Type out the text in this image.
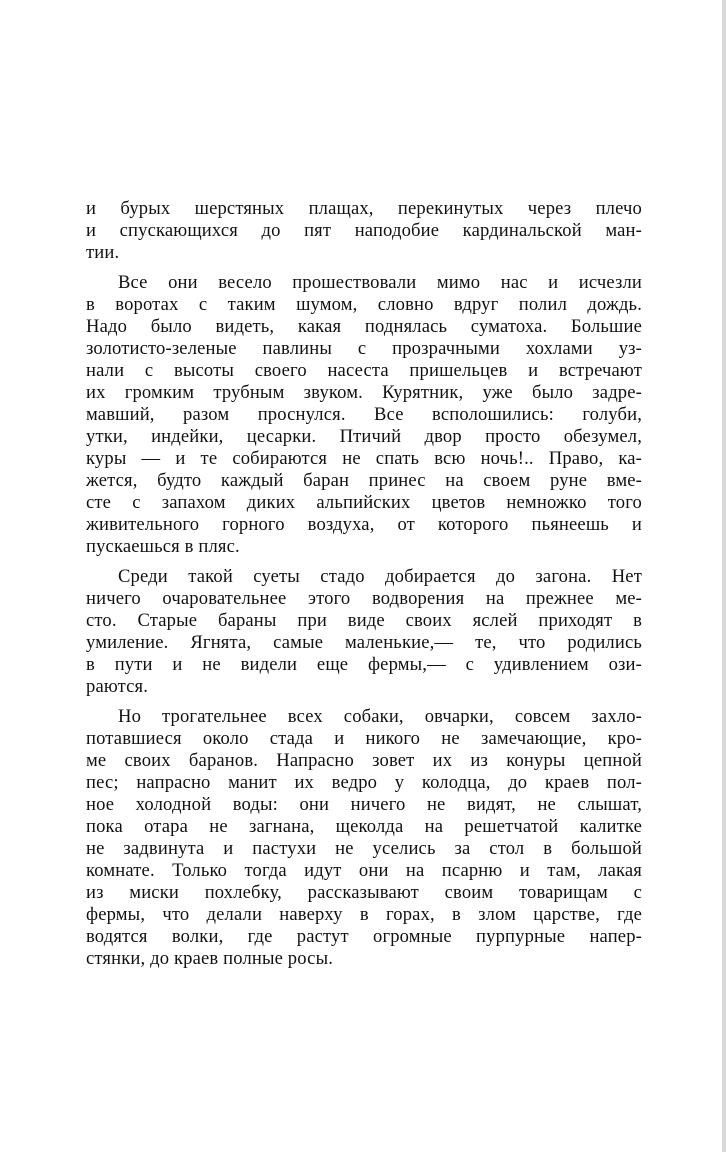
и бурых шерстяных плащах, перекинутых через плечо
и спускающихся до пят наподобие кардинальской ман-
тии.
Все они весело прошествовали мимо нас и исчезли
в воротах с таким шумом, словно вдруг полил дождь.
Надо было видеть, какая поднялась суматоха. Большие
золотисто-зеленые павлины с прозрачными хохлами уз-
нали с высоты своего насеста пришельцев и встречают
их громким трубным звуком. Курятник, уже было задре-
мавший, разом проснулся. Все всполошились: голуби,
утки, индейки, цесарки. Птичий двор просто обезумел,
куры — и те собираются не спать всю ночь!.. Право, ка-
жется, будто каждый баран принес на своем руне вме-
сте с запахом диких альпийских цветов немножко того
живительного горного воздуха, от которого пьянеешь и
пускаешься в пляс.
Среди такой суеты стадо добирается до загона. Нет
ничего очаровательнее этого водворения на прежнее ме-
сто. Старые бараны при виде своих яслей приходят в
умиление. Ягнята, самые маленькие,— те, что родились
в пути и не видели еще фермы,— с удивлением ози-
раются.
Но трогательнее всех собаки, овчарки, совсем захло-
потавшиеся около стада и никого не замечающие, кро-
ме своих баранов. Напрасно зовет их из конуры цепной
пес; напрасно манит их ведро у колодца, до краев пол-
ное холодной воды: они ничего не видят, не слышат,
пока отара не загнана, щеколда на решетчатой калитке
не задвинута и пастухи не уселись за стол в большой
комнате. Только тогда идут они на псарню и там, лакая
из миски похлебку, рассказывают своим товарищам с
фермы, что делали наверху в горах, в злом царстве, где
водятся волки, где растут огромные пурпурные напер-
стянки, до краев полные росы.
